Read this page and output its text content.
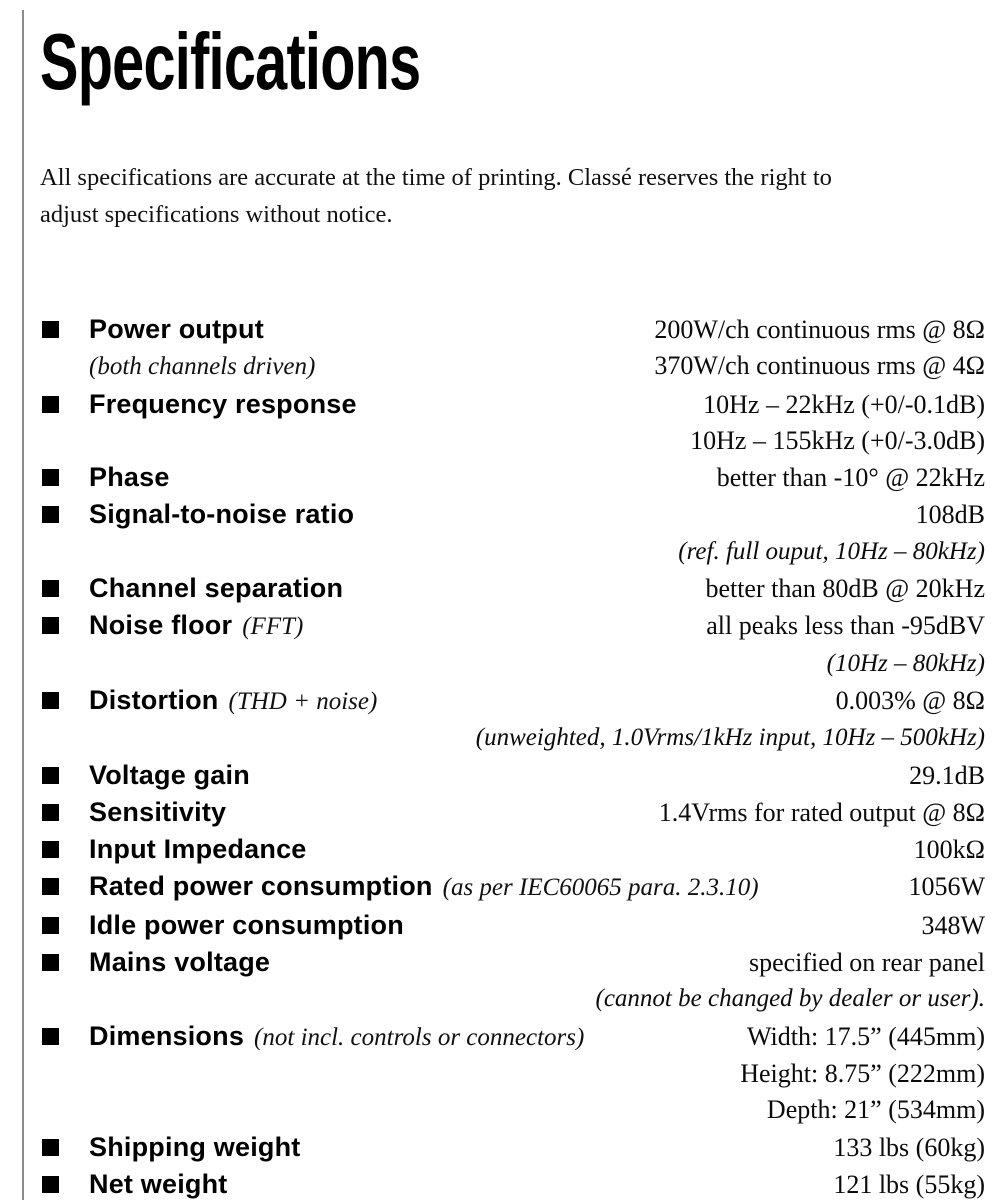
Specifications
All specifications are accurate at the time of printing. Classé reserves the right to
adjust specifications without notice.
Power output	200W/ch continuous rms @ 8Ω
(both channels driven)	370W/ch continuous rms @ 4Ω
Frequency response	10Hz – 22kHz (+0/-0.1dB)
10Hz – 155kHz (+0/-3.0dB)
Phase	better than -10° @ 22kHz
Signal-to-noise ratio	108dB
(ref. full ouput, 10Hz – 80kHz)
Channel separation	better than 80dB @ 20kHz
Noise floor (FFT)	all peaks less than -95dBV
(10Hz – 80kHz)
Distortion (THD + noise)	0.003% @ 8Ω
(unweighted, 1.0Vrms/1kHz input, 10Hz – 500kHz)
Voltage gain	29.1dB
Sensitivity	1.4Vrms for rated output @ 8Ω
Input Impedance	100kΩ
Rated power consumption (as per IEC60065 para. 2.3.10)	1056W
Idle power consumption	348W
Mains voltage	specified on rear panel
(cannot be changed by dealer or user).
Dimensions (not incl. controls or connectors)	Width: 17.5” (445mm)
Height: 8.75” (222mm)
Depth: 21” (534mm)
Shipping weight	133 lbs (60kg)
Net weight	121 lbs (55kg)
